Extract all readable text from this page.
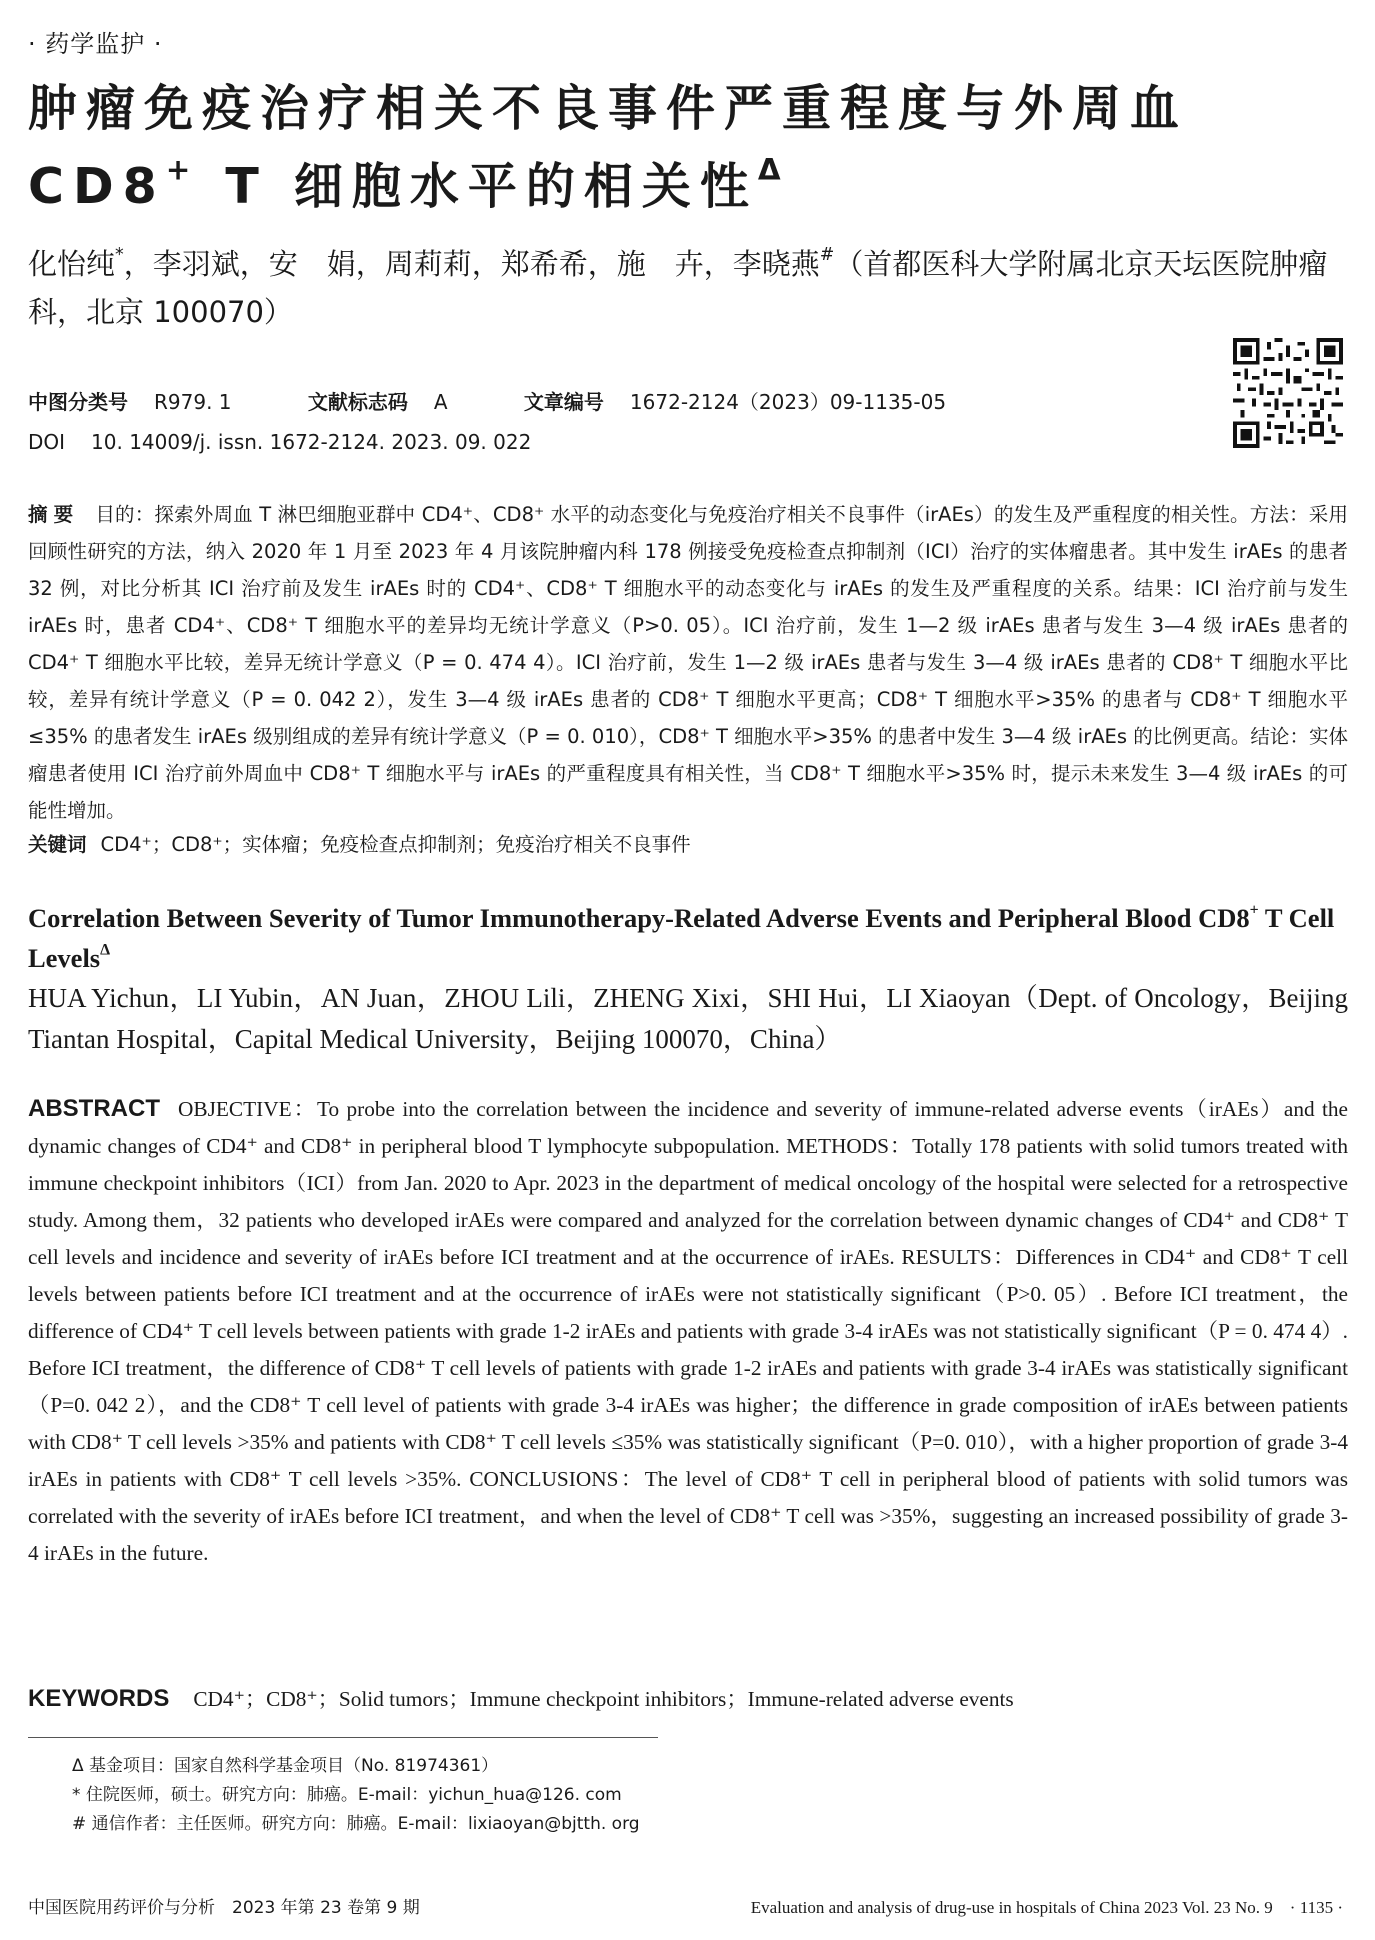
· 药学监护 ·
肿瘤免疫治疗相关不良事件严重程度与外周血 CD8+ T 细胞水平的相关性$^\Delta$
化怡纯*，李羽斌，安　娟，周莉莉，郑希希，施　卉，李晓燕#（首都医科大学附属北京天坛医院肿瘤科，北京 100070）
中图分类号 R979. 1	文献标志码 A	文章编号 1672-2124（2023）09-1135-05
DOI 10. 14009/j. issn. 1672-2124. 2023. 09. 022
摘要 目的：探索外周血 T 淋巴细胞亚群中 CD4⁺、CD8⁺ 水平的动态变化与免疫治疗相关不良事件（irAEs）的发生及严重程度的相关性。方法：采用回顾性研究的方法，纳入 2020 年 1 月至 2023 年 4 月该院肿瘤内科 178 例接受免疫检查点抑制剂（ICI）治疗的实体瘤患者。其中发生 irAEs 的患者 32 例，对比分析其 ICI 治疗前及发生 irAEs 时的 CD4⁺、CD8⁺ T 细胞水平的动态变化与 irAEs 的发生及严重程度的关系。结果：ICI 治疗前与发生 irAEs 时，患者 CD4⁺、CD8⁺ T 细胞水平的差异均无统计学意义（P>0. 05）。ICI 治疗前，发生 1—2 级 irAEs 患者与发生 3—4 级 irAEs 患者的 CD4⁺ T 细胞水平比较，差异无统计学意义（P = 0. 474 4）。ICI 治疗前，发生 1—2 级 irAEs 患者与发生 3—4 级 irAEs 患者的 CD8⁺ T 细胞水平比较，差异有统计学意义（P = 0. 042 2），发生 3—4 级 irAEs 患者的 CD8⁺ T 细胞水平更高；CD8⁺ T 细胞水平>35% 的患者与 CD8⁺ T 细胞水平≤35% 的患者发生 irAEs 级别组成的差异有统计学意义（P = 0. 010），CD8⁺ T 细胞水平>35% 的患者中发生 3—4 级 irAEs 的比例更高。结论：实体瘤患者使用 ICI 治疗前外周血中 CD8⁺ T 细胞水平与 irAEs 的严重程度具有相关性，当 CD8⁺ T 细胞水平>35% 时，提示未来发生 3—4 级 irAEs 的可能性增加。
关键词 CD4⁺；CD8⁺；实体瘤；免疫检查点抑制剂；免疫治疗相关不良事件
Correlation Between Severity of Tumor Immunotherapy-Related Adverse Events and Peripheral Blood CD8+ T Cell Levels$^\Delta$
HUA Yichun，LI Yubin，AN Juan，ZHOU Lili，ZHENG Xixi，SHI Hui，LI Xiaoyan（Dept. of Oncology，Beijing Tiantan Hospital，Capital Medical University，Beijing 100070，China）
ABSTRACT OBJECTIVE：To probe into the correlation between the incidence and severity of immune-related adverse events（irAEs）and the dynamic changes of CD4⁺ and CD8⁺ in peripheral blood T lymphocyte subpopulation. METHODS：Totally 178 patients with solid tumors treated with immune checkpoint inhibitors（ICI）from Jan. 2020 to Apr. 2023 in the department of medical oncology of the hospital were selected for a retrospective study. Among them，32 patients who developed irAEs were compared and analyzed for the correlation between dynamic changes of CD4⁺ and CD8⁺ T cell levels and incidence and severity of irAEs before ICI treatment and at the occurrence of irAEs. RESULTS：Differences in CD4⁺ and CD8⁺ T cell levels between patients before ICI treatment and at the occurrence of irAEs were not statistically significant（P>0. 05）. Before ICI treatment，the difference of CD4⁺ T cell levels between patients with grade 1-2 irAEs and patients with grade 3-4 irAEs was not statistically significant（P = 0. 474 4）. Before ICI treatment，the difference of CD8⁺ T cell levels of patients with grade 1-2 irAEs and patients with grade 3-4 irAEs was statistically significant（P=0. 042 2），and the CD8⁺ T cell level of patients with grade 3-4 irAEs was higher；the difference in grade composition of irAEs between patients with CD8⁺ T cell levels >35% and patients with CD8⁺ T cell levels ≤35% was statistically significant（P=0. 010），with a higher proportion of grade 3-4 irAEs in patients with CD8⁺ T cell levels >35%. CONCLUSIONS：The level of CD8⁺ T cell in peripheral blood of patients with solid tumors was correlated with the severity of irAEs before ICI treatment，and when the level of CD8⁺ T cell was >35%，suggesting an increased possibility of grade 3-4 irAEs in the future.
KEYWORDS CD4⁺；CD8⁺；Solid tumors；Immune checkpoint inhibitors；Immune-related adverse events
Δ 基金项目：国家自然科学基金项目（No. 81974361）
* 住院医师，硕士。研究方向：肺癌。E-mail：yichun_hua@126. com
# 通信作者：主任医师。研究方向：肺癌。E-mail：lixiaoyan@bjtth. org
中国医院用药评价与分析　2023 年第 23 卷第 9 期	Evaluation and analysis of drug-use in hospitals of China 2023 Vol. 23 No. 9　· 1135 ·
